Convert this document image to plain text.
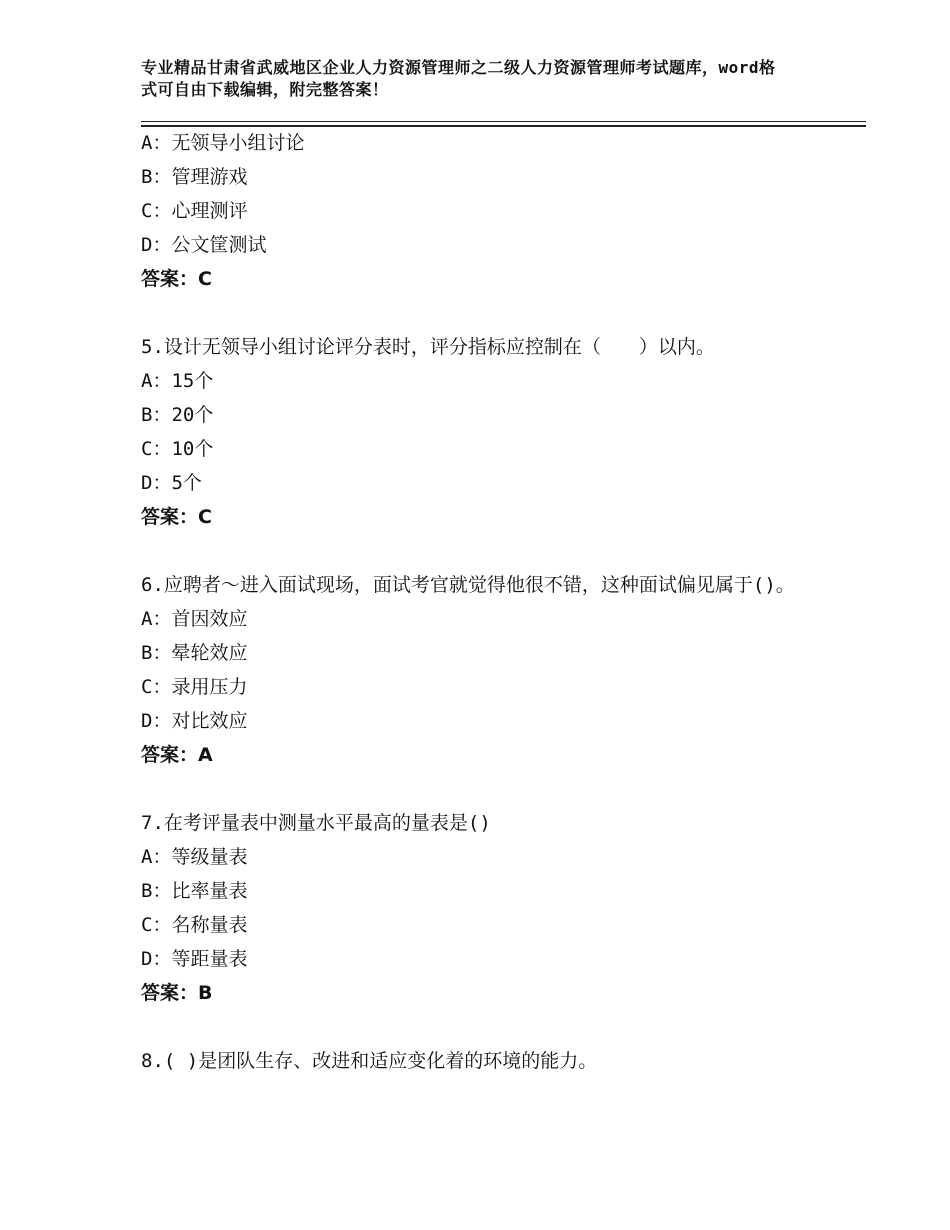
专业精品甘肃省武威地区企业人力资源管理师之二级人力资源管理师考试题库，word格式可自由下载编辑，附完整答案！

A：无领导小组讨论

B：管理游戏

C：心理测评

D：公文筐测试

答案：C

5.设计无领导小组讨论评分表时，评分指标应控制在（　　）以内。

A：15个

B：20个

C：10个

D：5个

答案：C

6.应聘者～进入面试现场，面试考官就觉得他很不错，这种面试偏见属于()。

A：首因效应

B：晕轮效应

C：录用压力

D：对比效应

答案：A

7.在考评量表中测量水平最高的量表是()

A：等级量表

B：比率量表

C：名称量表

D：等距量表

答案：B

8.( )是团队生存、改进和适应变化着的环境的能力。
